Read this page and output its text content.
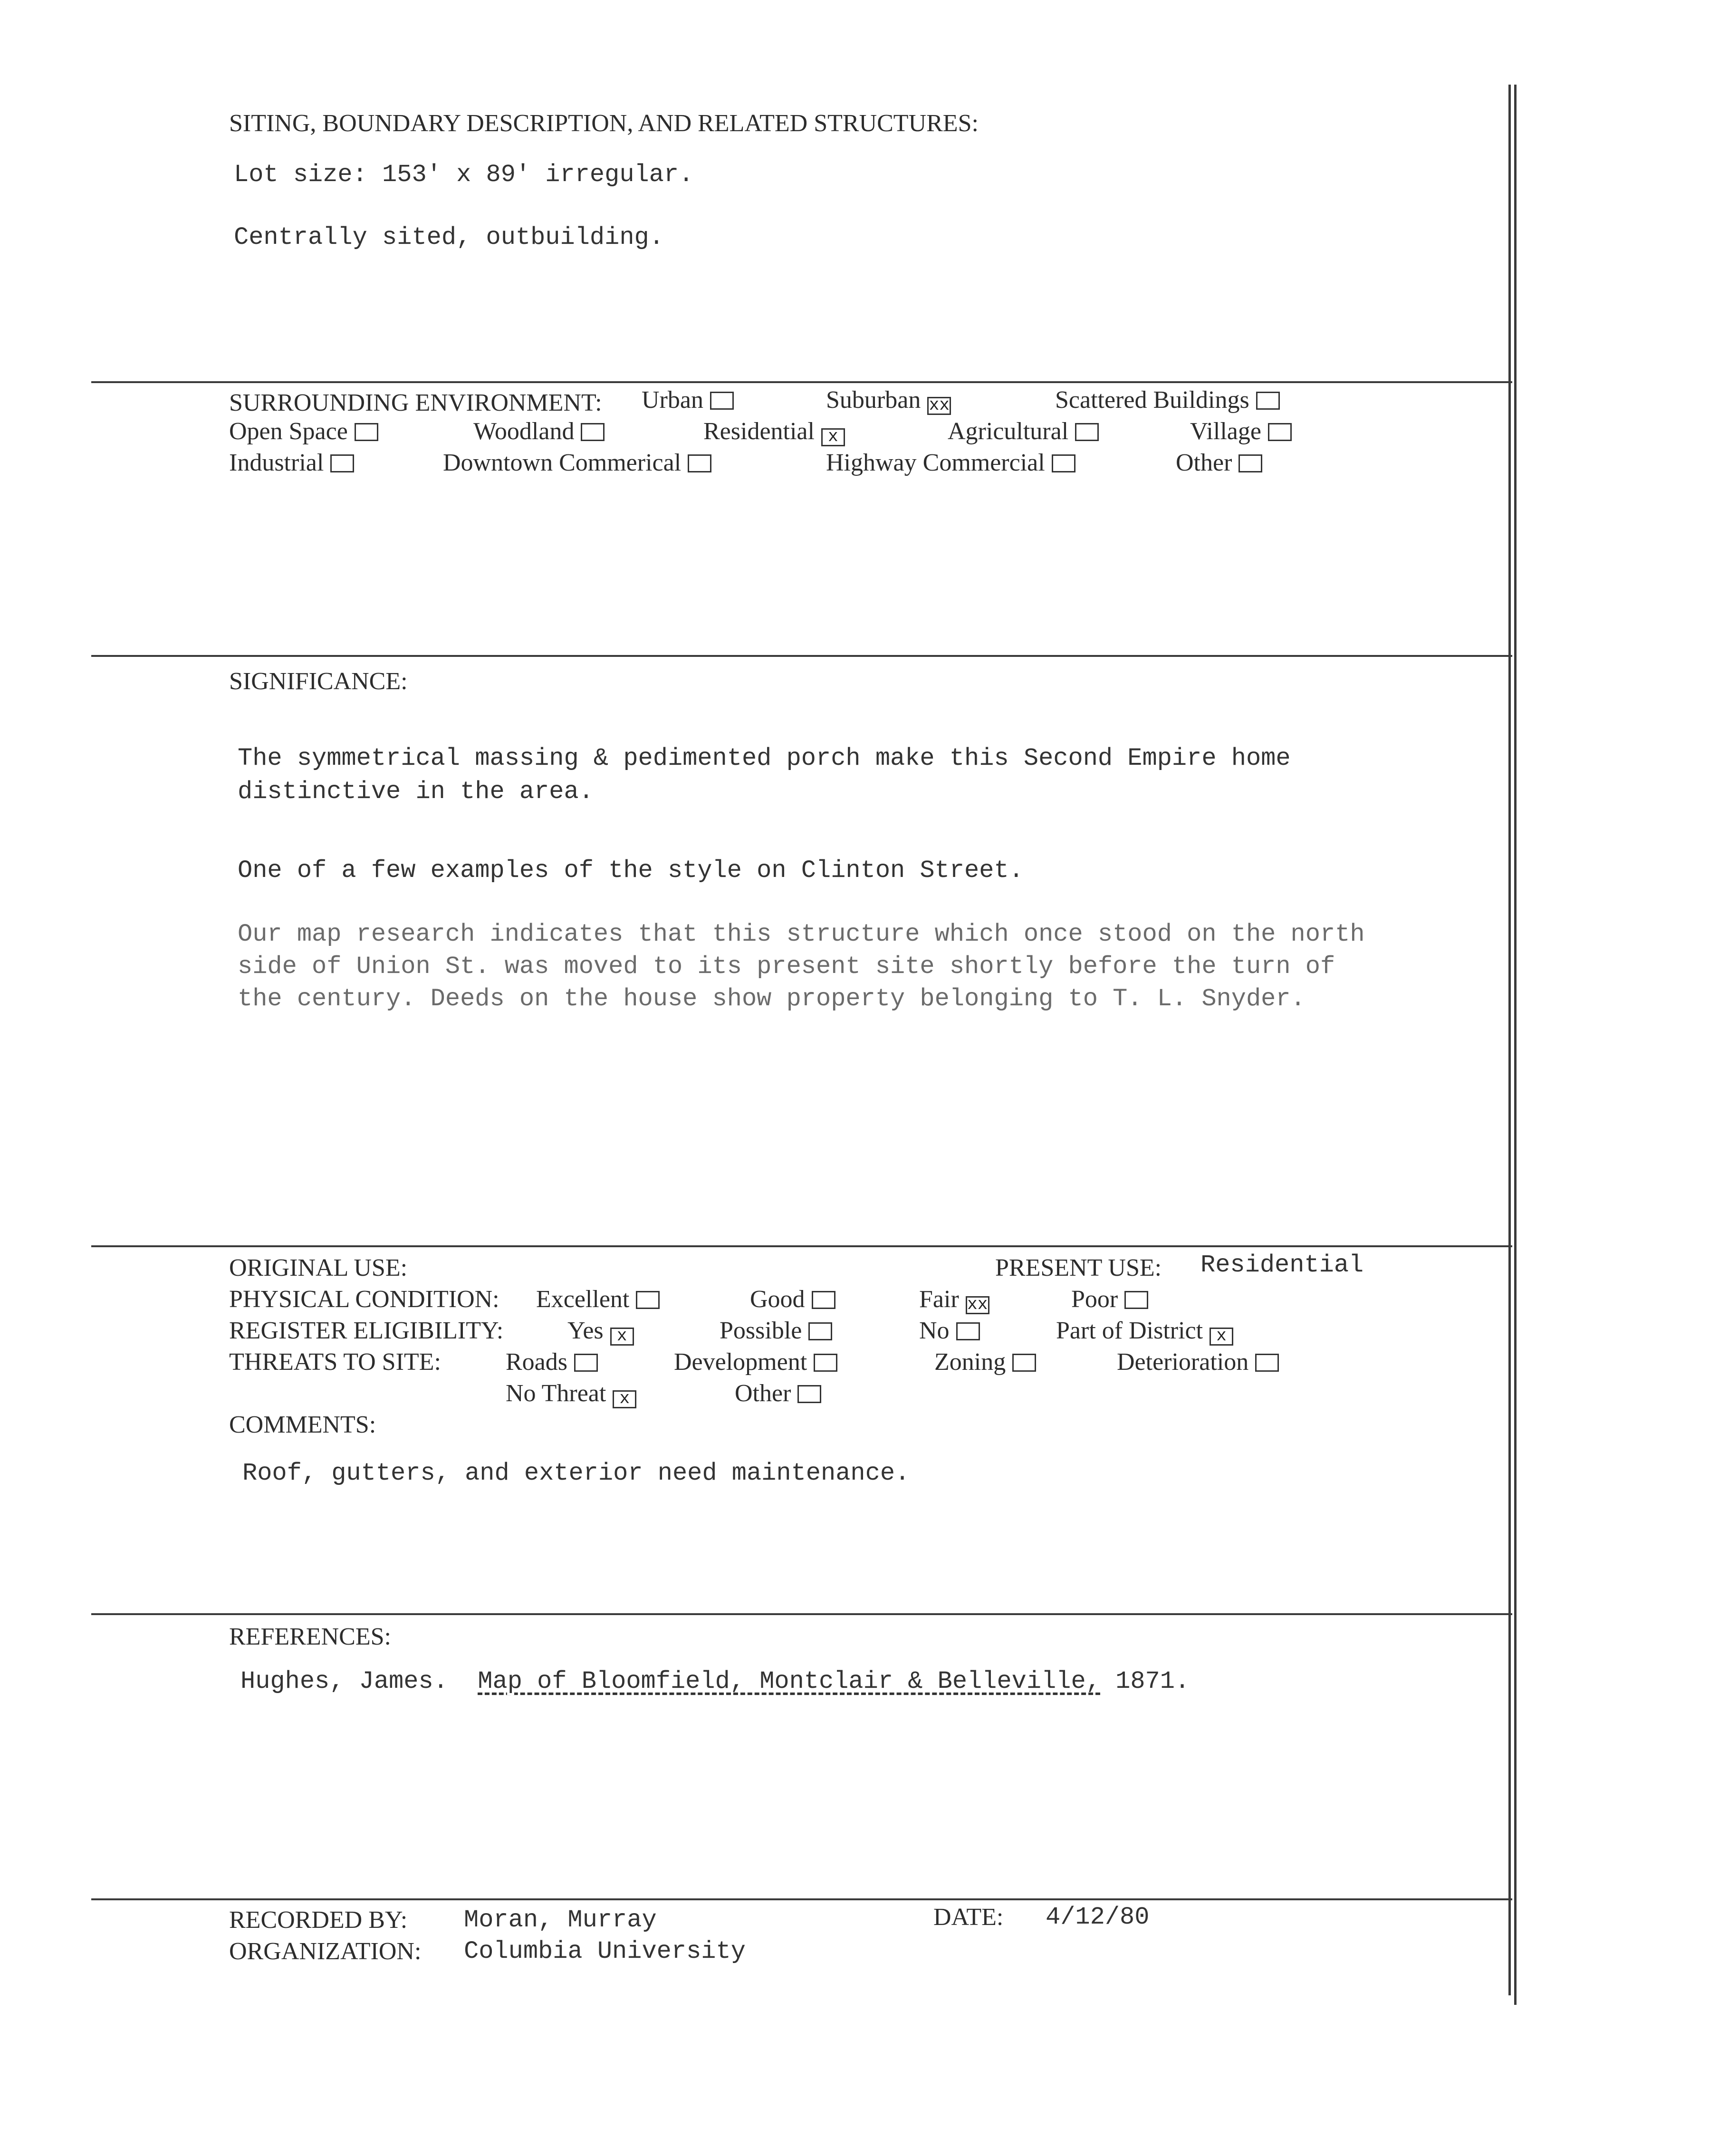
SITING, BOUNDARY DESCRIPTION, AND RELATED STRUCTURES:
Lot size: 153' x 89' irregular.
Centrally sited, outbuilding.
SURROUNDING ENVIRONMENT: Urban	Suburban xx	Scattered Buildings
Open Space	Woodland	Residential x	Agricultural	Village
Industrial	Downtown Commerical	Highway Commercial	Other
SIGNIFICANCE:
The symmetrical massing & pedimented porch make this Second Empire home
distinctive in the area.
One of a few examples of the style on Clinton Street.
Our map research indicates that this structure which once stood on the north
side of Union St. was moved to its present site shortly before the turn of
the century. Deeds on the house show property belonging to T. L. Snyder.
ORIGINAL USE:	PRESENT USE: Residential
PHYSICAL CONDITION: Excellent	Good	Fair xx	Poor
REGISTER ELIGIBILITY:	Yes x	Possible	No	Part of District x
THREATS TO SITE:	Roads	Development	Zoning	Deterioration
No Threat x	Other
COMMENTS:
Roof, gutters, and exterior need maintenance.
REFERENCES:
Hughes, James. Map of Bloomfield, Montclair & Belleville, 1871.
RECORDED BY: Moran, Murray
ORGANIZATION: Columbia University
DATE: 4/12/80
